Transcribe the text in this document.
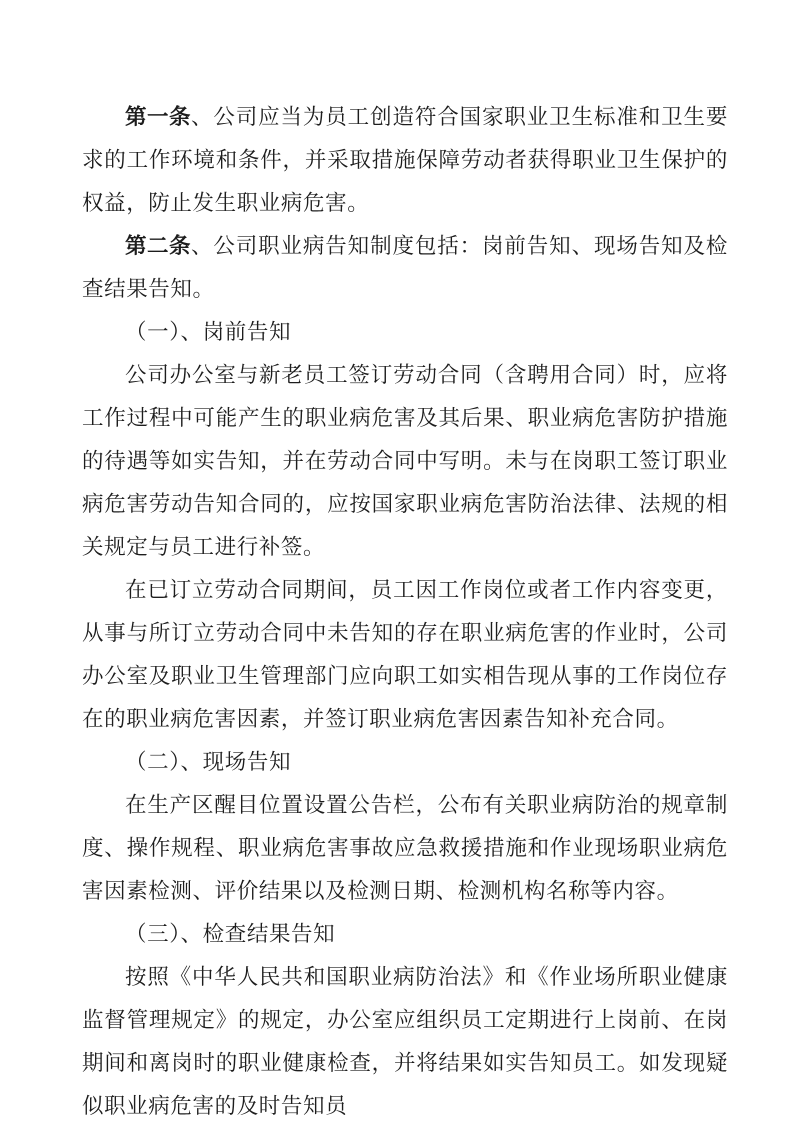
第一条、公司应当为员工创造符合国家职业卫生标准和卫生要求的工作环境和条件，并采取措施保障劳动者获得职业卫生保护的权益，防止发生职业病危害。

第二条、公司职业病告知制度包括：岗前告知、现场告知及检查结果告知。

（一）、岗前告知

公司办公室与新老员工签订劳动合同（含聘用合同）时，应将工作过程中可能产生的职业病危害及其后果、职业病危害防护措施的待遇等如实告知，并在劳动合同中写明。未与在岗职工签订职业病危害劳动告知合同的，应按国家职业病危害防治法律、法规的相关规定与员工进行补签。

在已订立劳动合同期间，员工因工作岗位或者工作内容变更，从事与所订立劳动合同中未告知的存在职业病危害的作业时，公司办公室及职业卫生管理部门应向职工如实相告现从事的工作岗位存在的职业病危害因素，并签订职业病危害因素告知补充合同。

（二）、现场告知

在生产区醒目位置设置公告栏，公布有关职业病防治的规章制度、操作规程、职业病危害事故应急救援措施和作业现场职业病危害因素检测、评价结果以及检测日期、检测机构名称等内容。

（三）、检查结果告知

按照《中华人民共和国职业病防治法》和《作业场所职业健康监督管理规定》的规定，办公室应组织员工定期进行上岗前、在岗期间和离岗时的职业健康检查，并将结果如实告知员工。如发现疑似职业病危害的及时告知员
